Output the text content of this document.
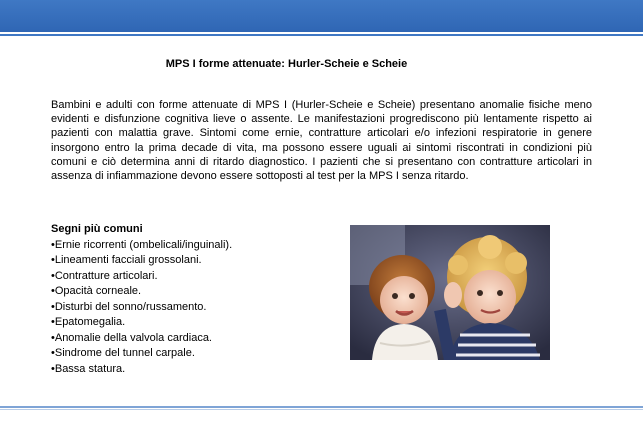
MPS I forme attenuate: Hurler-Scheie e Scheie

Bambini e adulti con forme attenuate di MPS I (Hurler-Scheie e Scheie) presentano anomalie fisiche meno evidenti e disfunzione cognitiva lieve o assente. Le manifestazioni progrediscono più lentamente rispetto ai pazienti con malattia grave. Sintomi come ernie, contratture articolari e/o infezioni respiratorie in genere insorgono entro la prima decade di vita, ma possono essere uguali ai sintomi riscontrati in condizioni più comuni e ciò determina anni di ritardo diagnostico. I pazienti che si presentano con contratture articolari in assenza di infiammazione devono essere sottoposti al test per la MPS I senza ritardo.

Segni più comuni
•Ernie ricorrenti (ombelicali/inguinali).
•Lineamenti facciali grossolani.
•Contratture articolari.
•Opacità corneale.
•Disturbi del sonno/russamento.
•Epatomegalia.
•Anomalie della valvola cardiaca.
•Sindrome del tunnel carpale.
•Bassa statura.
